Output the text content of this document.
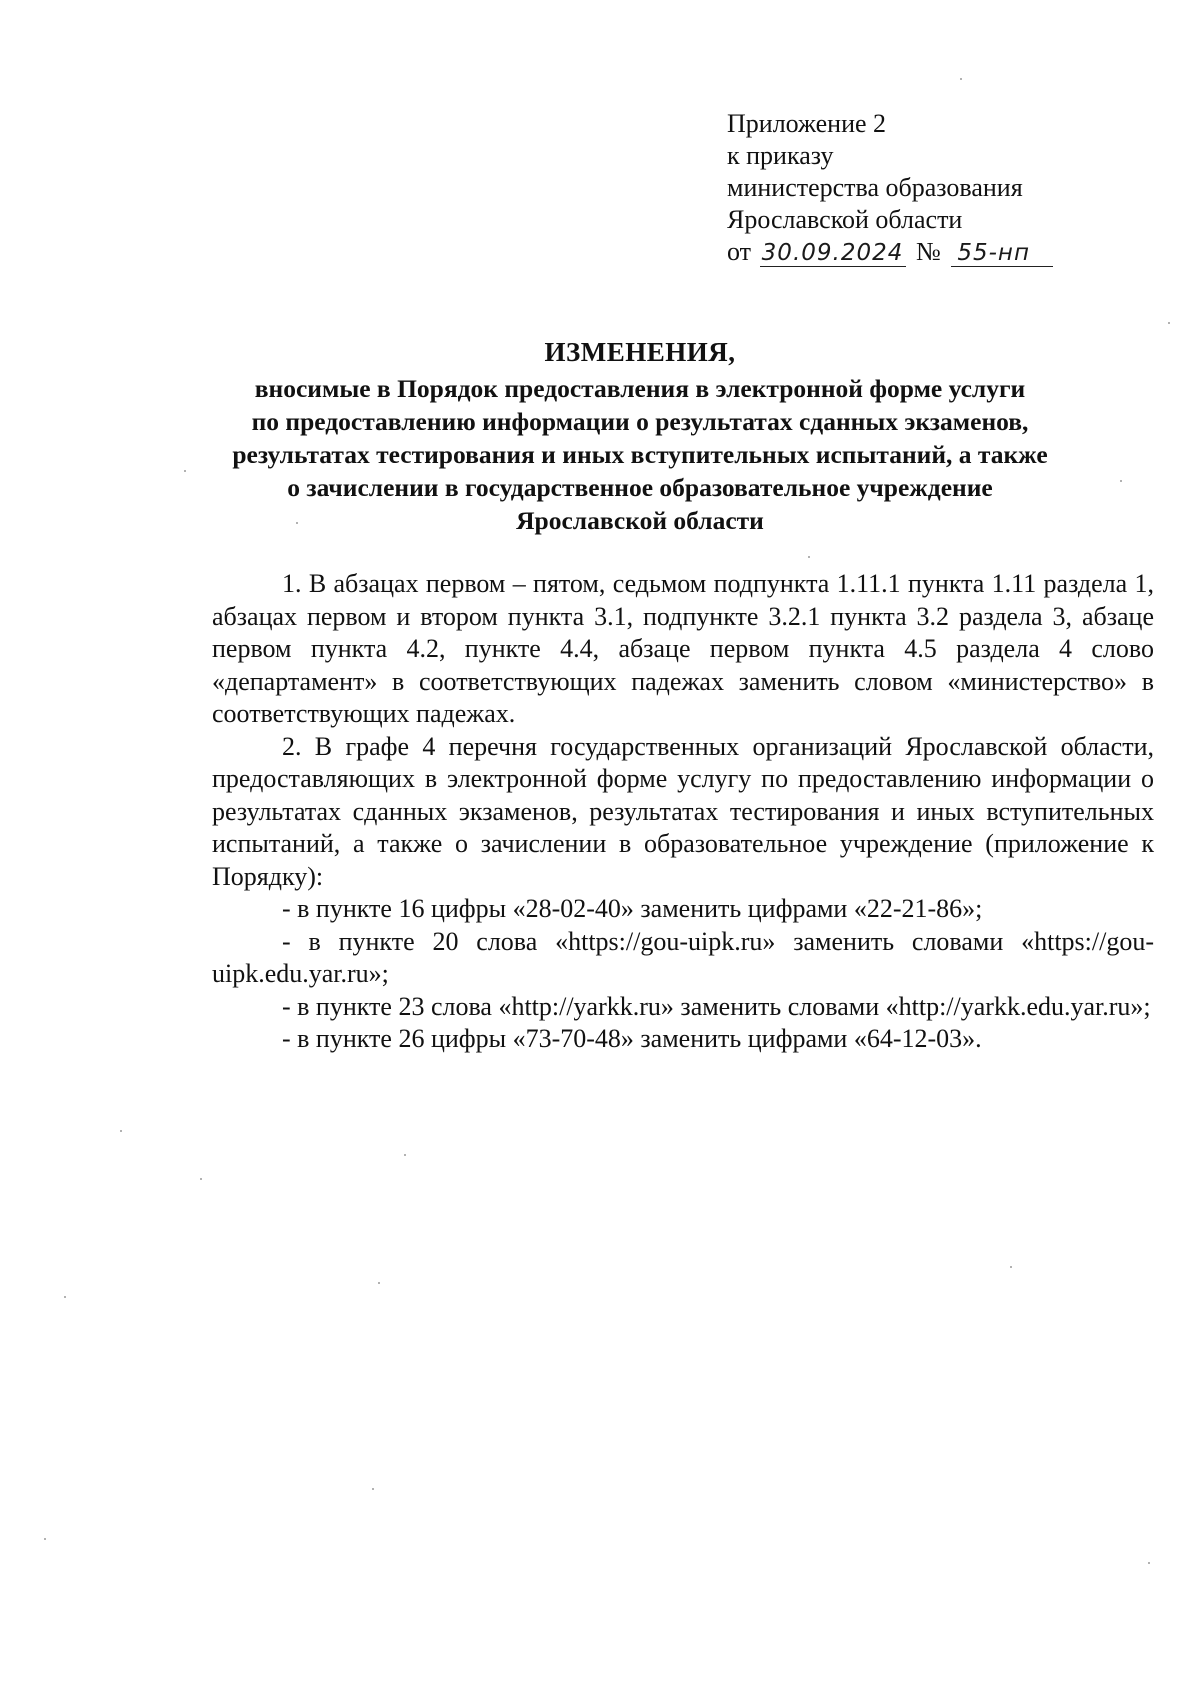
Приложение 2
к приказу
министерства образования
Ярославской области
от 30.09.2024 № 55-нп
ИЗМЕНЕНИЯ,
вносимые в Порядок предоставления в электронной форме услуги
по предоставлению информации о результатах сданных экзаменов,
результатах тестирования и иных вступительных испытаний, а также
о зачислении в государственное образовательное учреждение
Ярославской области

1. В абзацах первом – пятом, седьмом подпункта 1.11.1 пункта 1.11 раздела 1, абзацах первом и втором пункта 3.1, подпункте 3.2.1 пункта 3.2 раздела 3, абзаце первом пункта 4.2, пункте 4.4, абзаце первом пункта 4.5 раздела 4 слово «департамент» в соответствующих падежах заменить словом «министерство» в соответствующих падежах.

2. В графе 4 перечня государственных организаций Ярославской области, предоставляющих в электронной форме услугу по предоставлению информации о результатах сданных экзаменов, результатах тестирования и иных вступительных испытаний, а также о зачислении в образовательное учреждение (приложение к Порядку):

- в пункте 16 цифры «28-02-40» заменить цифрами «22-21-86»;

- в пункте 20 слова «https://gou-uipk.ru» заменить словами «https://gou-uipk.edu.yar.ru»;

- в пункте 23 слова «http://yarkk.ru» заменить словами «http://yarkk.edu.yar.ru»;

- в пункте 26 цифры «73-70-48» заменить цифрами «64-12-03».
